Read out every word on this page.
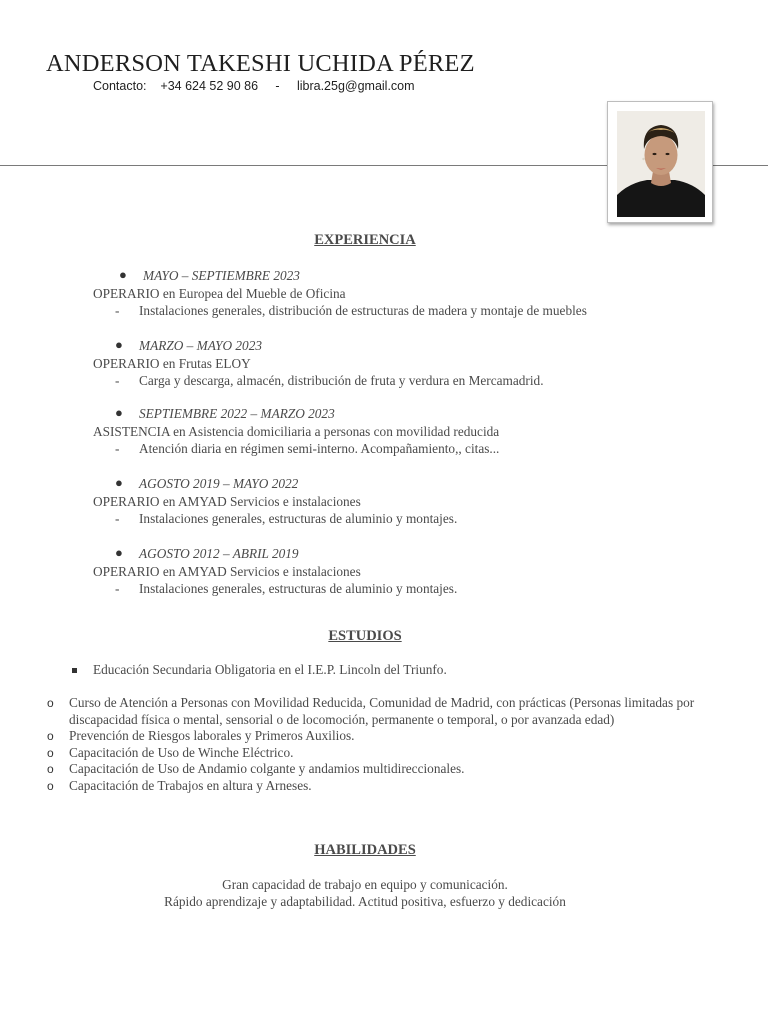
ANDERSON TAKESHI UCHIDA PÉREZ
Contacto:    +34 624 52 90 86     -     libra.25g@gmail.com
EXPERIENCIA
● MAYO – SEPTIEMBRE 2023
OPERARIO en Europea del Mueble de Oficina
- Instalaciones generales, distribución de estructuras de madera y montaje de muebles
● MARZO – MAYO 2023
OPERARIO en Frutas ELOY
- Carga y descarga, almacén, distribución de fruta y verdura en Mercamadrid.
● SEPTIEMBRE 2022 – MARZO 2023
ASISTENCIA en Asistencia domiciliaria a personas con movilidad reducida
- Atención diaria en régimen semi-interno. Acompañamiento,, citas...
● AGOSTO 2019 – MAYO 2022
OPERARIO en AMYAD Servicios e instalaciones
- Instalaciones generales, estructuras de aluminio y montajes.
● AGOSTO 2012 – ABRIL 2019
OPERARIO en AMYAD Servicios e instalaciones
- Instalaciones generales, estructuras de aluminio y montajes.
ESTUDIOS
Educación Secundaria Obligatoria en el I.E.P. Lincoln del Triunfo.
o Curso de Atención a Personas con Movilidad Reducida, Comunidad de Madrid, con prácticas (Personas limitadas por discapacidad física o mental, sensorial o de locomoción, permanente o temporal, o por avanzada edad)
o Prevención de Riesgos laborales y Primeros Auxilios.
o Capacitación de Uso de Winche Eléctrico.
o Capacitación de Uso de Andamio colgante y andamios multidireccionales.
o Capacitación de Trabajos en altura y Arneses.
HABILIDADES
Gran capacidad de trabajo en equipo y comunicación.
Rápido aprendizaje y adaptabilidad. Actitud positiva, esfuerzo y dedicación
